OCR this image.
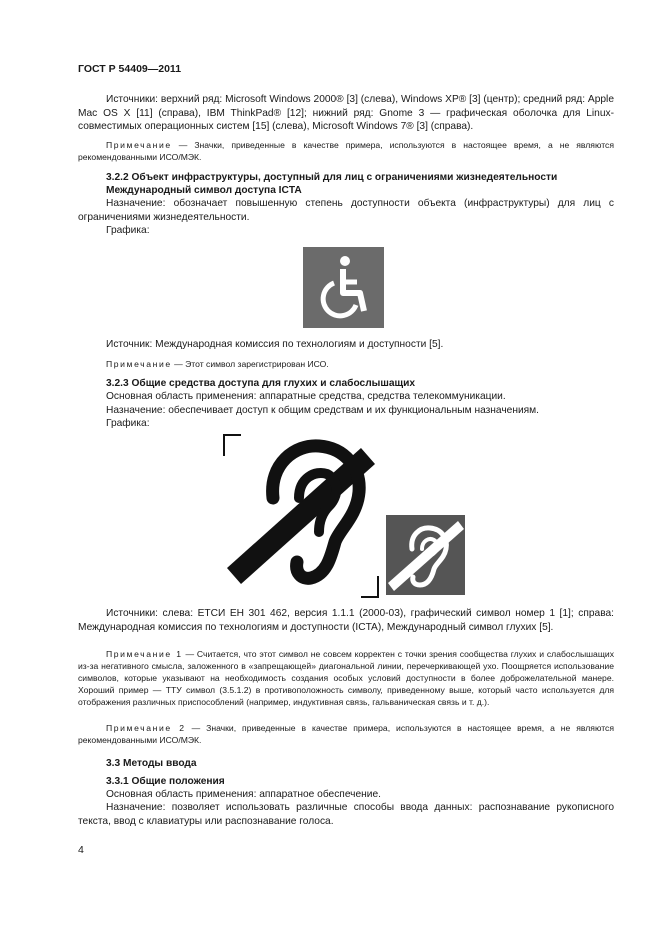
ГОСТ Р 54409—2011
Источники: верхний ряд: Microsoft Windows 2000® [3] (слева), Windows XP® [3] (центр); средний ряд: Apple Mac OS X [11] (справа), IBM ThinkPad® [12]; нижний ряд: Gnome 3 — графическая оболочка для Linux-совместимых операционных систем [15] (слева), Microsoft Windows 7® [3] (справа).
Примечание — Значки, приведенные в качестве примера, используются в настоящее время, а не являются рекомендованными ИСО/МЭК.
3.2.2 Объект инфраструктуры, доступный для лиц с ограничениями жизнедеятельности
Международный символ доступа ICTA
Назначение: обозначает повышенную степень доступности объекта (инфраструктуры) для лиц с ограничениями жизнедеятельности.
Графика:
Источник: Международная комиссия по технологиям и доступности [5].
Примечание — Этот символ зарегистрирован ИСО.
3.2.3 Общие средства доступа для глухих и слабослышащих
Основная область применения: аппаратные средства, средства телекоммуникации.
Назначение: обеспечивает доступ к общим средствам и их функциональным назначениям.
Графика:
Источники: слева: ЕТСИ ЕН 301 462, версия 1.1.1 (2000-03), графический символ номер 1 [1]; справа: Международная комиссия по технологиям и доступности (ICTA), Международный символ глухих [5].
Примечание 1 — Считается, что этот символ не совсем корректен с точки зрения сообщества глухих и слабослышащих из-за негативного смысла, заложенного в «запрещающей» диагональной линии, перечеркивающей ухо. Поощряется использование символов, которые указывают на необходимость создания особых условий доступности в более доброжелательной манере. Хороший пример — ТТУ символ (3.5.1.2) в противоположность символу, приведенному выше, который часто используется для отображения различных приспособлений (например, индуктивная связь, гальваническая связь и т. д.).
Примечание 2 — Значки, приведенные в качестве примера, используются в настоящее время, а не являются рекомендованными ИСО/МЭК.
3.3 Методы ввода
3.3.1 Общие положения
Основная область применения: аппаратное обеспечение.
Назначение: позволяет использовать различные способы ввода данных: распознавание рукописного текста, ввод с клавиатуры или распознавание голоса.
4
